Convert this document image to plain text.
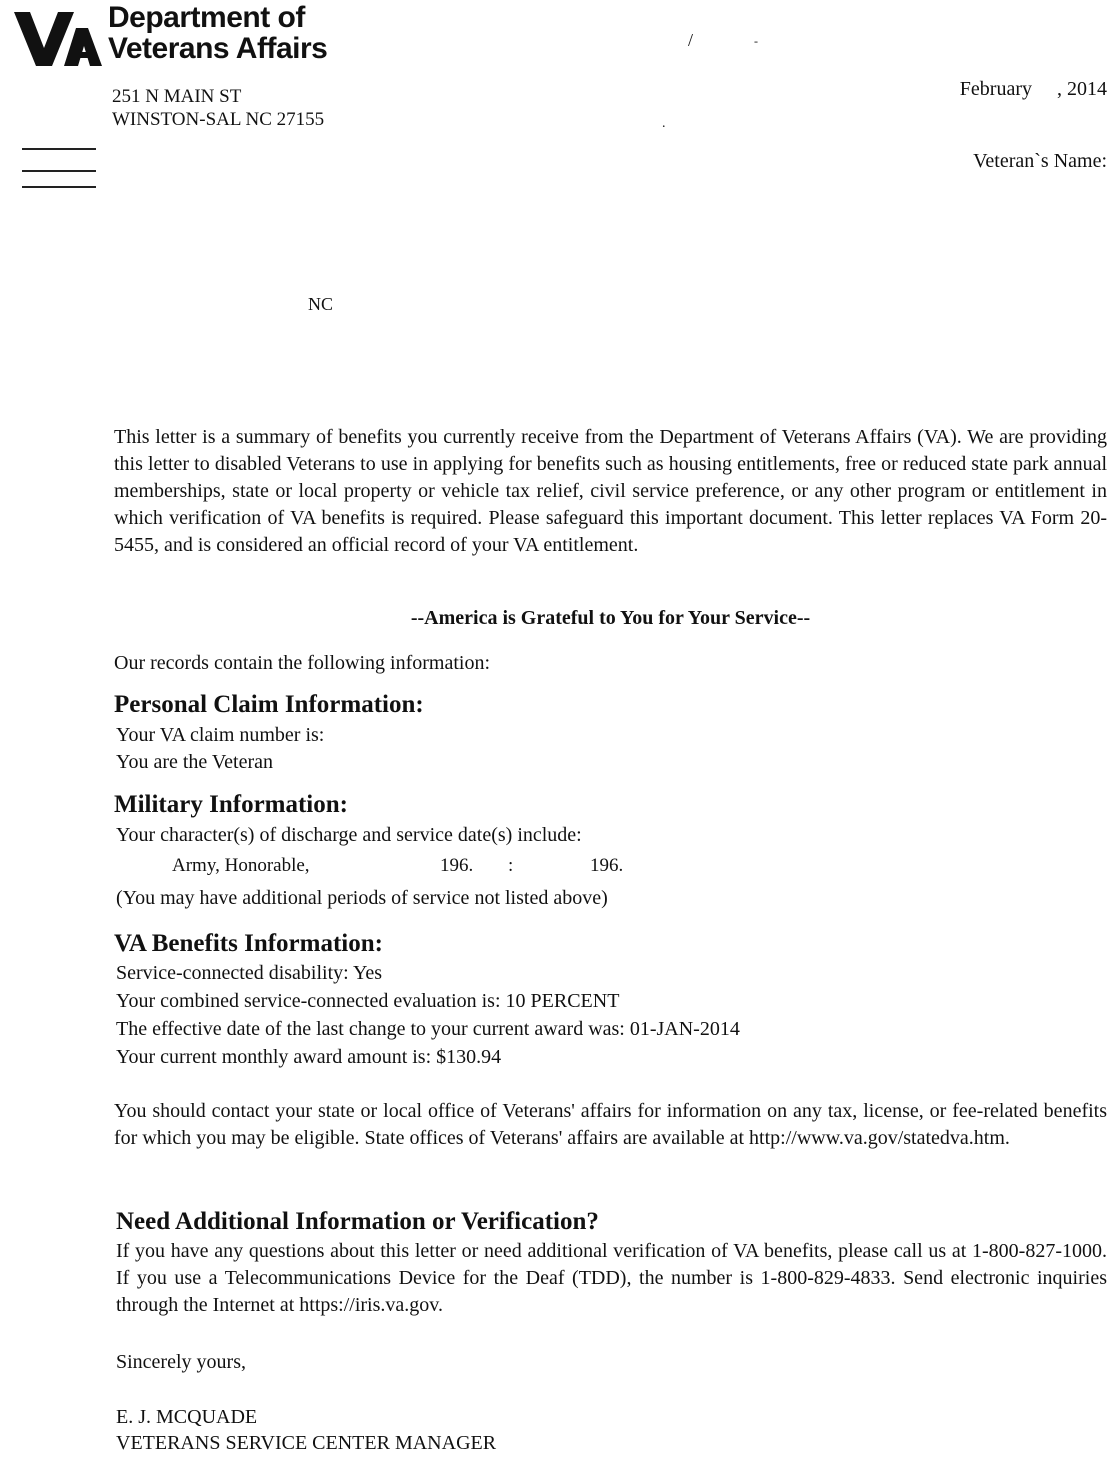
Department of
Veterans Affairs
251 N MAIN ST
WINSTON-SAL NC 27155
/	-
.
February     , 2014
Veteran`s Name:
NC
This letter is a summary of benefits you currently receive from the Department of Veterans Affairs (VA). We are providing this letter to disabled Veterans to use in applying for benefits such as housing entitlements, free or reduced state park annual memberships, state or local property or vehicle tax relief, civil service preference, or any other program or entitlement in which verification of VA benefits is required. Please safeguard this important document. This letter replaces VA Form 20-5455, and is considered an official record of your VA entitlement.
--America is Grateful to You for Your Service--
Our records contain the following information:
Personal Claim Information:
Your VA claim number is:
You are the Veteran
Military Information:
Your character(s) of discharge and service date(s) include:
Army, Honorable,	196. :	196.
(You may have additional periods of service not listed above)
VA Benefits Information:
Service-connected disability: Yes
Your combined service-connected evaluation is: 10 PERCENT
The effective date of the last change to your current award was: 01-JAN-2014
Your current monthly award amount is: $130.94
You should contact your state or local office of Veterans' affairs for information on any tax, license, or fee-related benefits for which you may be eligible. State offices of Veterans' affairs are available at http://www.va.gov/statedva.htm.
Need Additional Information or Verification?
If you have any questions about this letter or need additional verification of VA benefits, please call us at 1-800-827-1000. If you use a Telecommunications Device for the Deaf (TDD), the number is 1-800-829-4833. Send electronic inquiries through the Internet at https://iris.va.gov.
Sincerely yours,
E. J. MCQUADE
VETERANS SERVICE CENTER MANAGER
